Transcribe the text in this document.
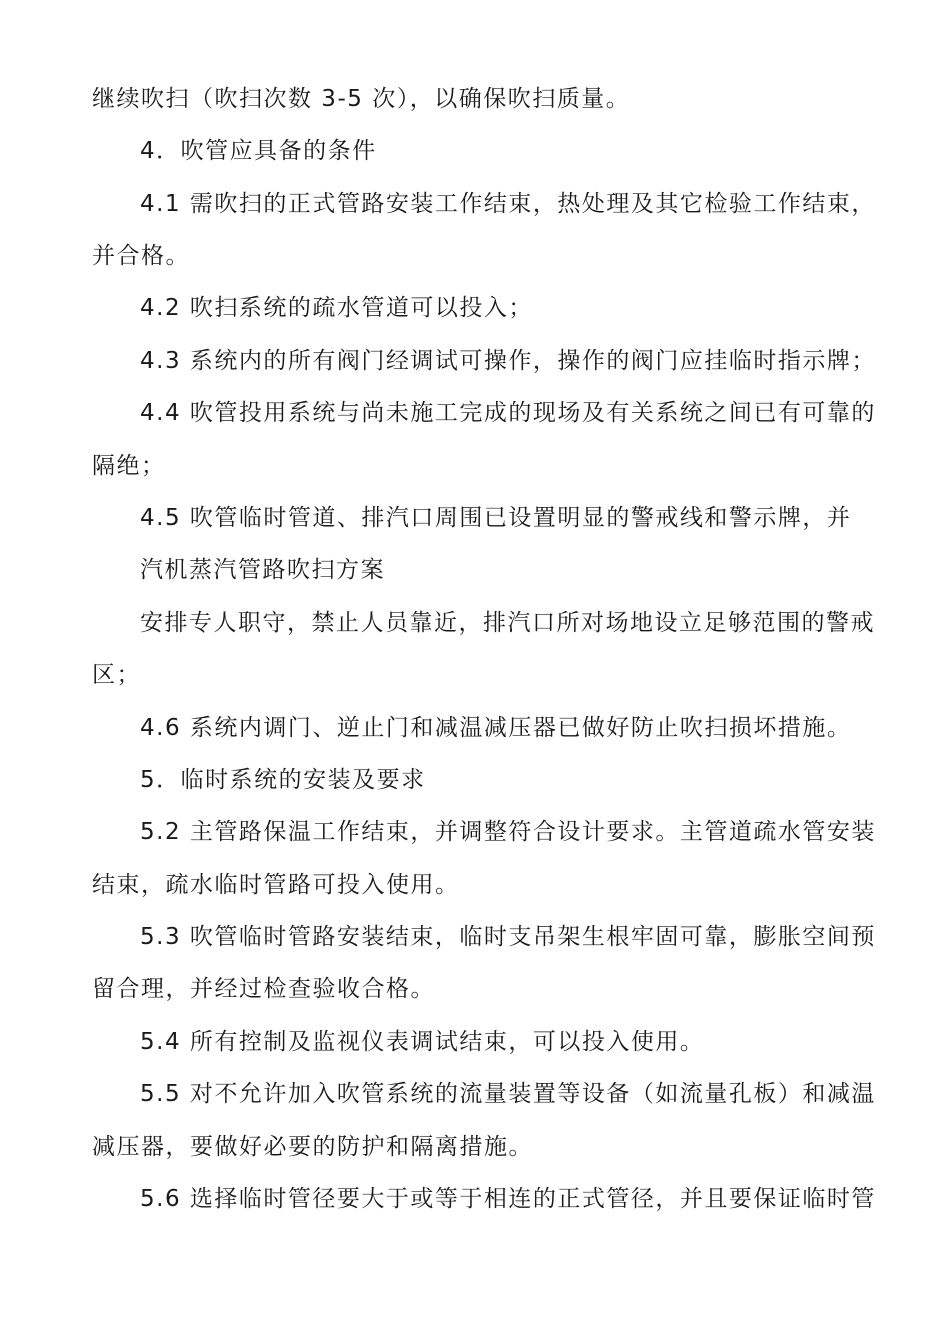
继续吹扫（吹扫次数 3-5 次），以确保吹扫质量。
4．吹管应具备的条件
4.1 需吹扫的正式管路安装工作结束，热处理及其它检验工作结束，
并合格。
4.2 吹扫系统的疏水管道可以投入；
4.3 系统内的所有阀门经调试可操作，操作的阀门应挂临时指示牌；
4.4 吹管投用系统与尚未施工完成的现场及有关系统之间已有可靠的
隔绝；
4.5 吹管临时管道、排汽口周围已设置明显的警戒线和警示牌，并
汽机蒸汽管路吹扫方案
安排专人职守，禁止人员靠近，排汽口所对场地设立足够范围的警戒
区；
4.6 系统内调门、逆止门和减温减压器已做好防止吹扫损坏措施。
5．临时系统的安装及要求
5.2 主管路保温工作结束，并调整符合设计要求。主管道疏水管安装
结束，疏水临时管路可投入使用。
5.3 吹管临时管路安装结束，临时支吊架生根牢固可靠，膨胀空间预
留合理，并经过检查验收合格。
5.4 所有控制及监视仪表调试结束，可以投入使用。
5.5 对不允许加入吹管系统的流量装置等设备（如流量孔板）和减温
减压器，要做好必要的防护和隔离措施。
5.6 选择临时管径要大于或等于相连的正式管径，并且要保证临时管
